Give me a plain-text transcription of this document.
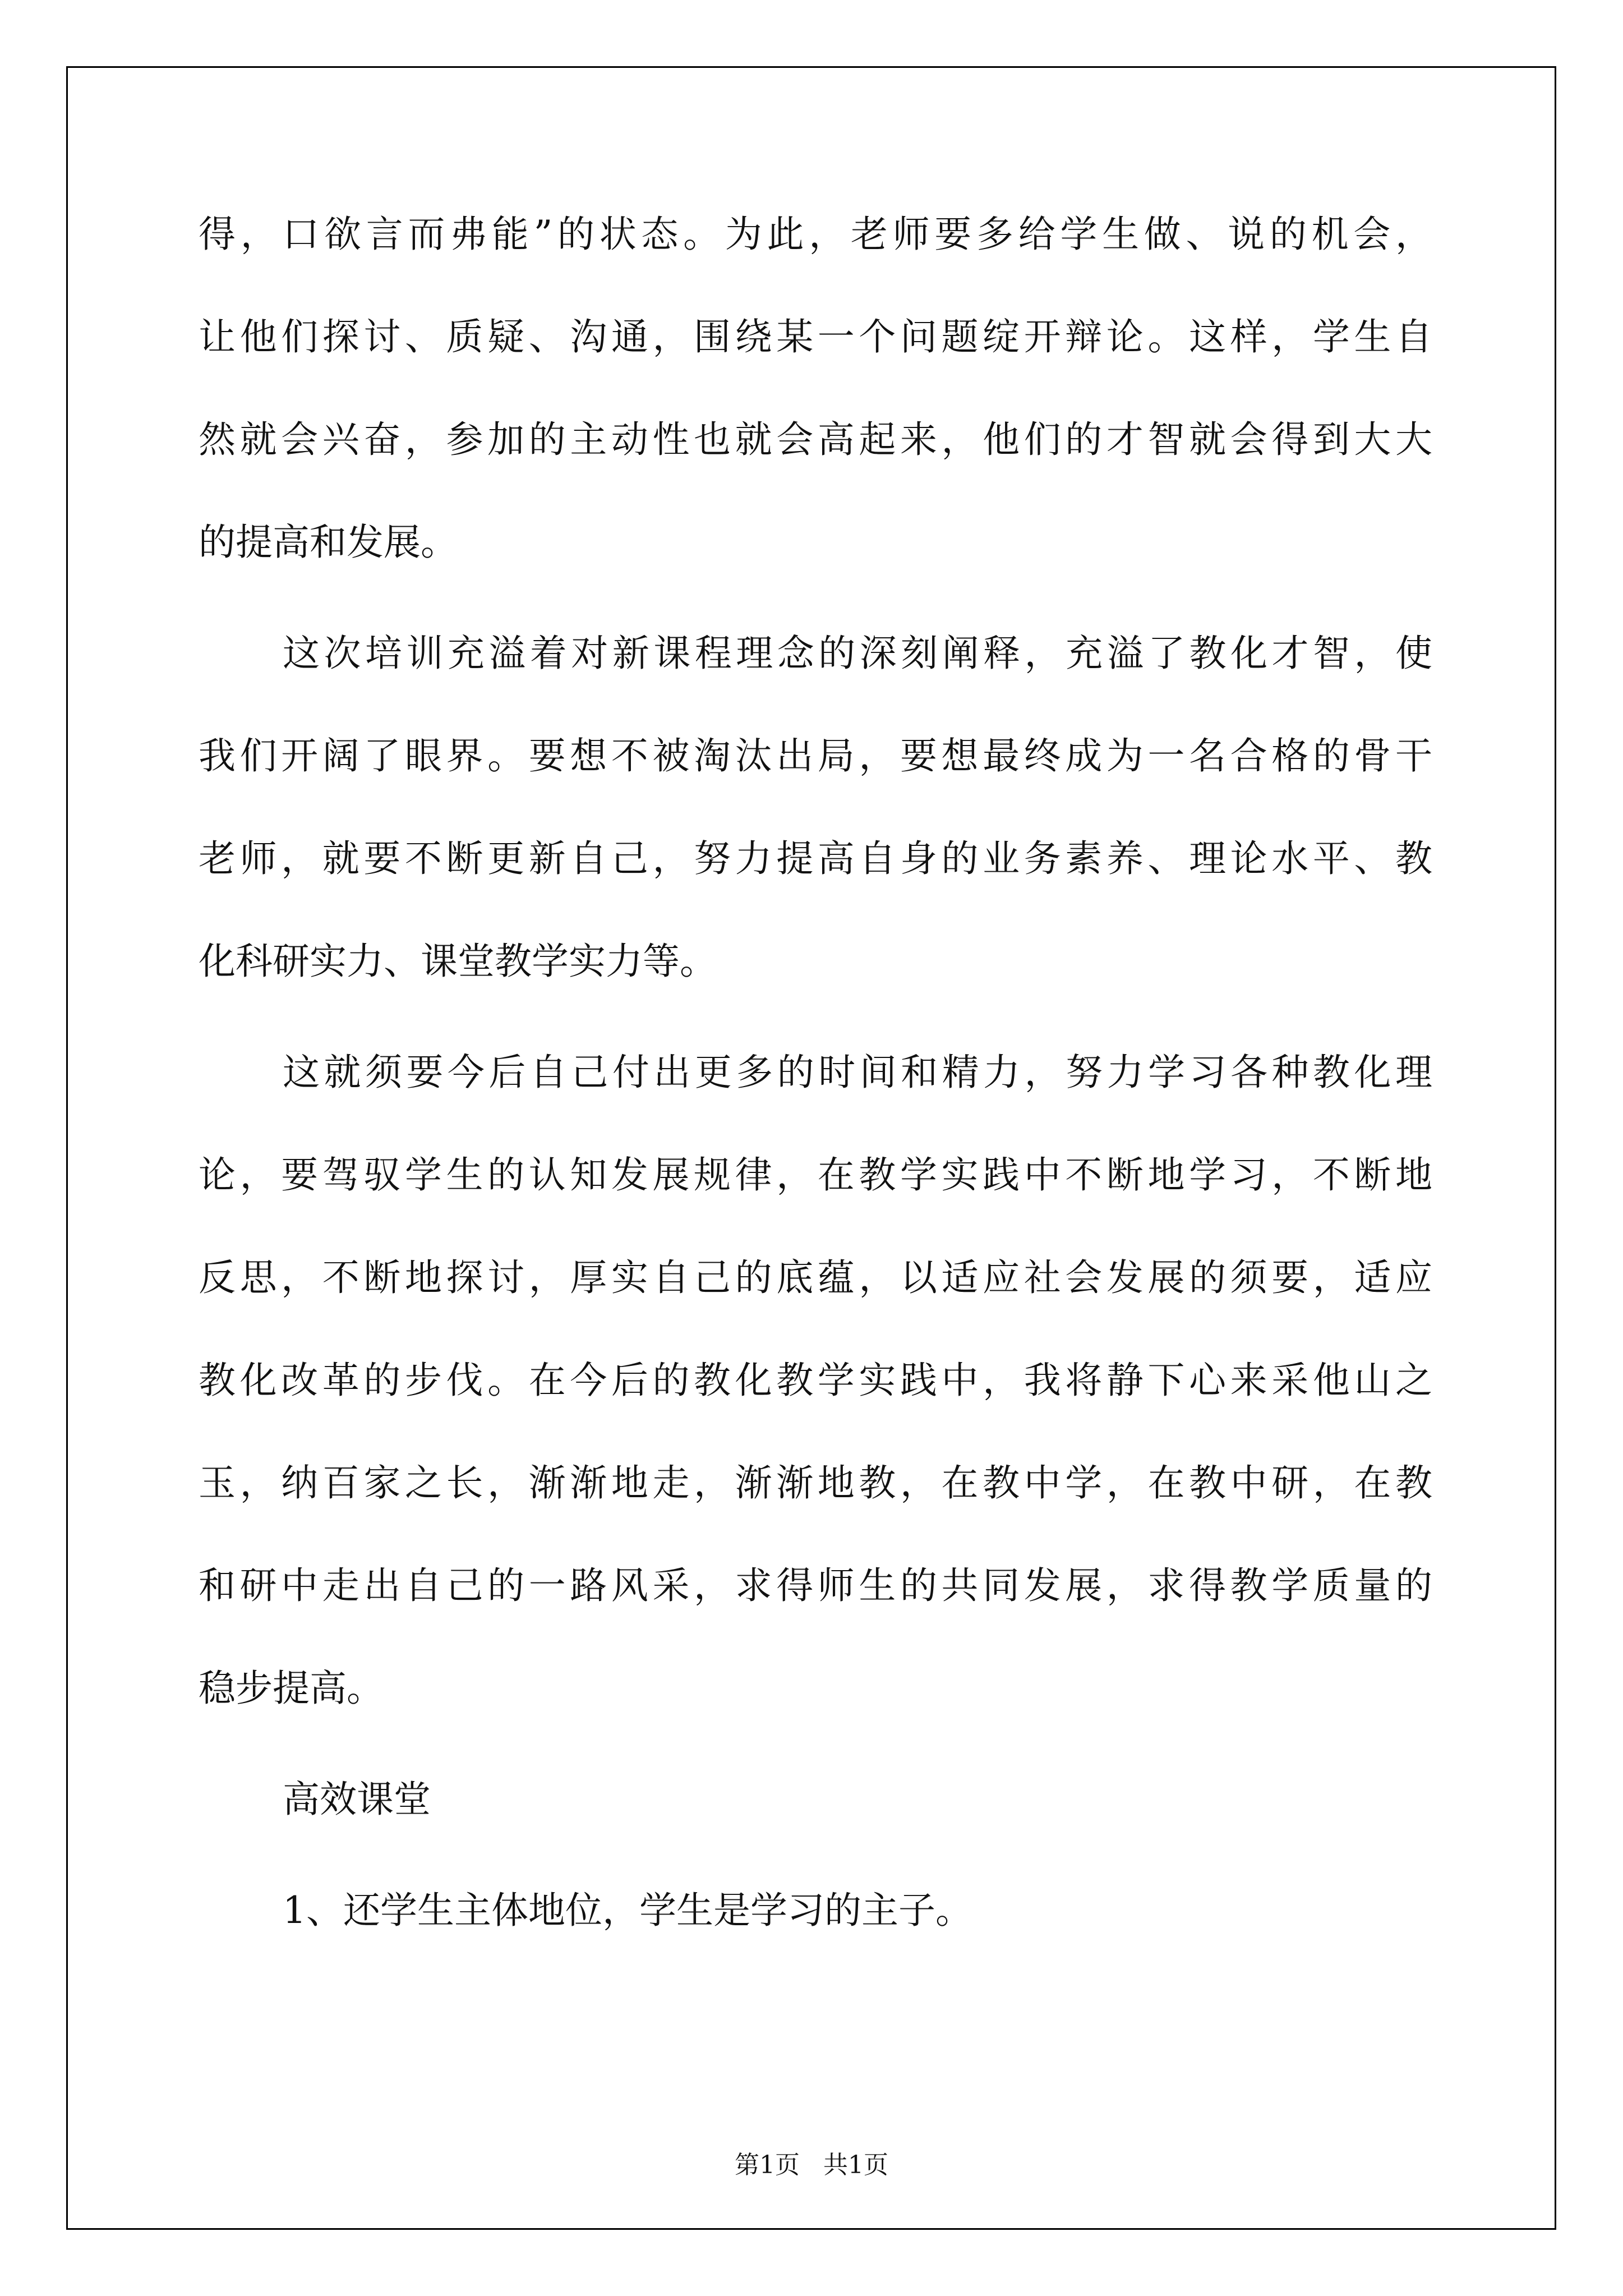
得，口欲言而弗能”的状态。为此，老师要多给学生做、说的机会，
让他们探讨、质疑、沟通，围绕某一个问题绽开辩论。这样，学生自
然就会兴奋，参加的主动性也就会高起来，他们的才智就会得到大大
的提高和发展。
这次培训充溢着对新课程理念的深刻阐释，充溢了教化才智，使
我们开阔了眼界。要想不被淘汰出局，要想最终成为一名合格的骨干
老师，就要不断更新自己，努力提高自身的业务素养、理论水平、教
化科研实力、课堂教学实力等。
这就须要今后自己付出更多的时间和精力，努力学习各种教化理
论，要驾驭学生的认知发展规律，在教学实践中不断地学习，不断地
反思，不断地探讨，厚实自己的底蕴，以适应社会发展的须要，适应
教化改革的步伐。在今后的教化教学实践中，我将静下心来采他山之
玉，纳百家之长，渐渐地走，渐渐地教，在教中学，在教中研，在教
和研中走出自己的一路风采，求得师生的共同发展，求得教学质量的
稳步提高。
高效课堂
1、还学生主体地位，学生是学习的主子。
第1页 共1页
